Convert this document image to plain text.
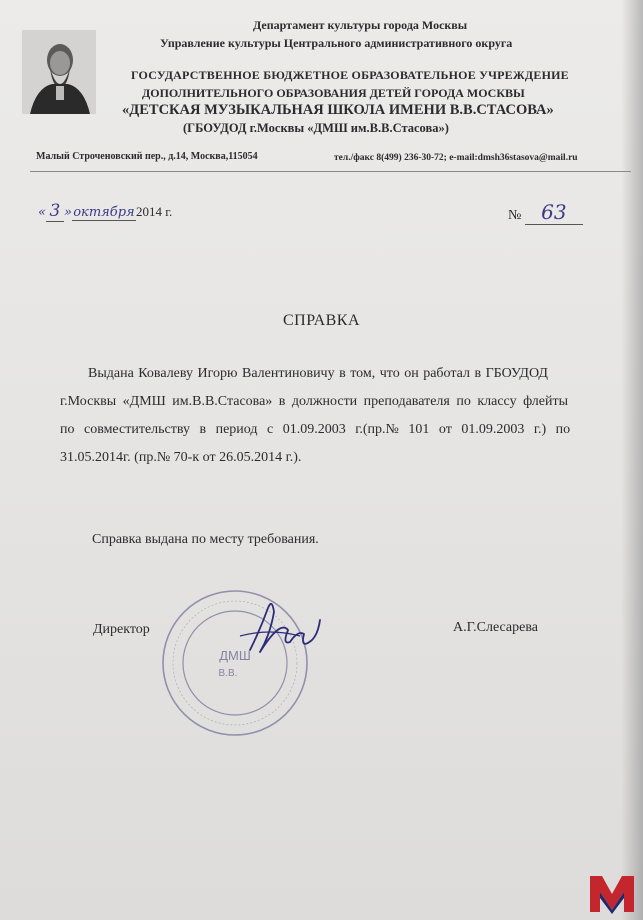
Департамент культуры города Москвы
Управление культуры Центрального административного округа
ГОСУДАРСТВЕННОЕ БЮДЖЕТНОЕ ОБРАЗОВАТЕЛЬНОЕ УЧРЕЖДЕНИЕ
ДОПОЛНИТЕЛЬНОГО ОБРАЗОВАНИЯ ДЕТЕЙ ГОРОДА МОСКВЫ
«ДЕТСКАЯ МУЗЫКАЛЬНАЯ ШКОЛА ИМЕНИ В.В.СТАСОВА»
(ГБОУДОД г.Москвы «ДМШ им.В.В.Стасова»)
Малый Строченовский пер., д.14, Москва,115054	тел./факс 8(499) 236-30-72; e-mail:dmsh36stasova@mail.ru
« 3 »октября2014 г.	№ 63
СПРАВКА
Выдана Ковалеву Игорю Валентиновичу в том, что он работал в ГБОУДОД
г.Москвы «ДМШ им.В.В.Стасова» в должности преподавателя по классу флейты
по совместительству в период с 01.09.2003 г.(пр.№ 101 от 01.09.2003 г.) по
31.05.2014г. (пр.№ 70-к от 26.05.2014 г.).
Справка выдана по месту требования.
ДМШ
В.В.
Директор	А.Г.Слесарева
